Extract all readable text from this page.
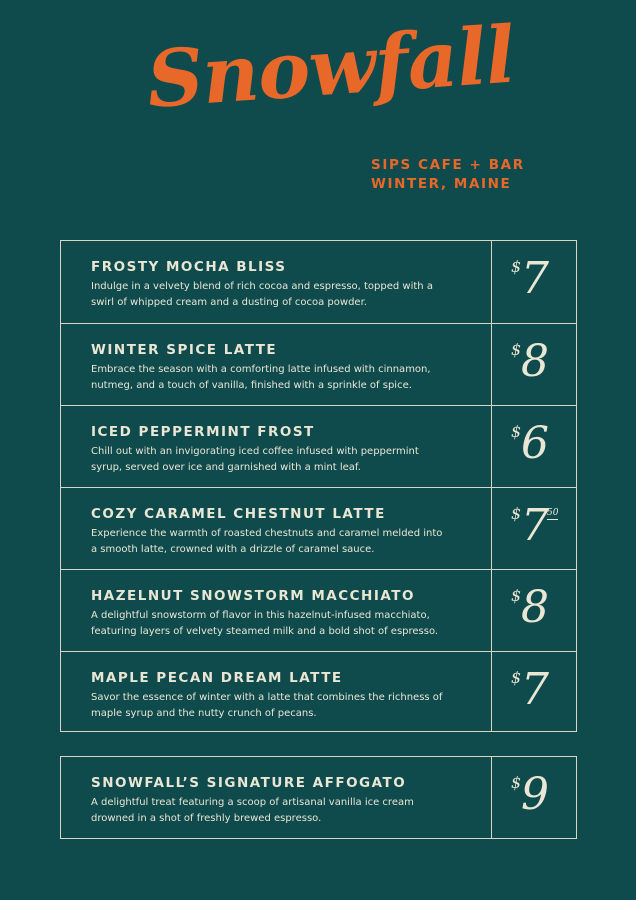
Snowfall

SIPS CAFE + BAR

WINTER, MAINE

FROSTY MOCHA BLISS

Indulge in a velvety blend of rich cocoa and espresso, topped with a swirl of whipped cream and a dusting of cocoa powder.

$ 7

WINTER SPICE LATTE

Embrace the season with a comforting latte infused with cinnamon, nutmeg, and a touch of vanilla, finished with a sprinkle of spice.

$ 8

ICED PEPPERMINT FROST

Chill out with an invigorating iced coffee infused with peppermint syrup, served over ice and garnished with a mint leaf.

$ 6

COZY CARAMEL CHESTNUT LATTE

Experience the warmth of roasted chestnuts and caramel melded into a smooth latte, crowned with a drizzle of caramel sauce.

$ 7
50

HAZELNUT SNOWSTORM MACCHIATO

A delightful snowstorm of flavor in this hazelnut-infused macchiato, featuring layers of velvety steamed milk and a bold shot of espresso.

$ 8

MAPLE PECAN DREAM LATTE

Savor the essence of winter with a latte that combines the richness of maple syrup and the nutty crunch of pecans.

$ 7

SNOWFALL’S SIGNATURE AFFOGATO

A delightful treat featuring a scoop of artisanal vanilla ice cream drowned in a shot of freshly brewed espresso.

$ 9
